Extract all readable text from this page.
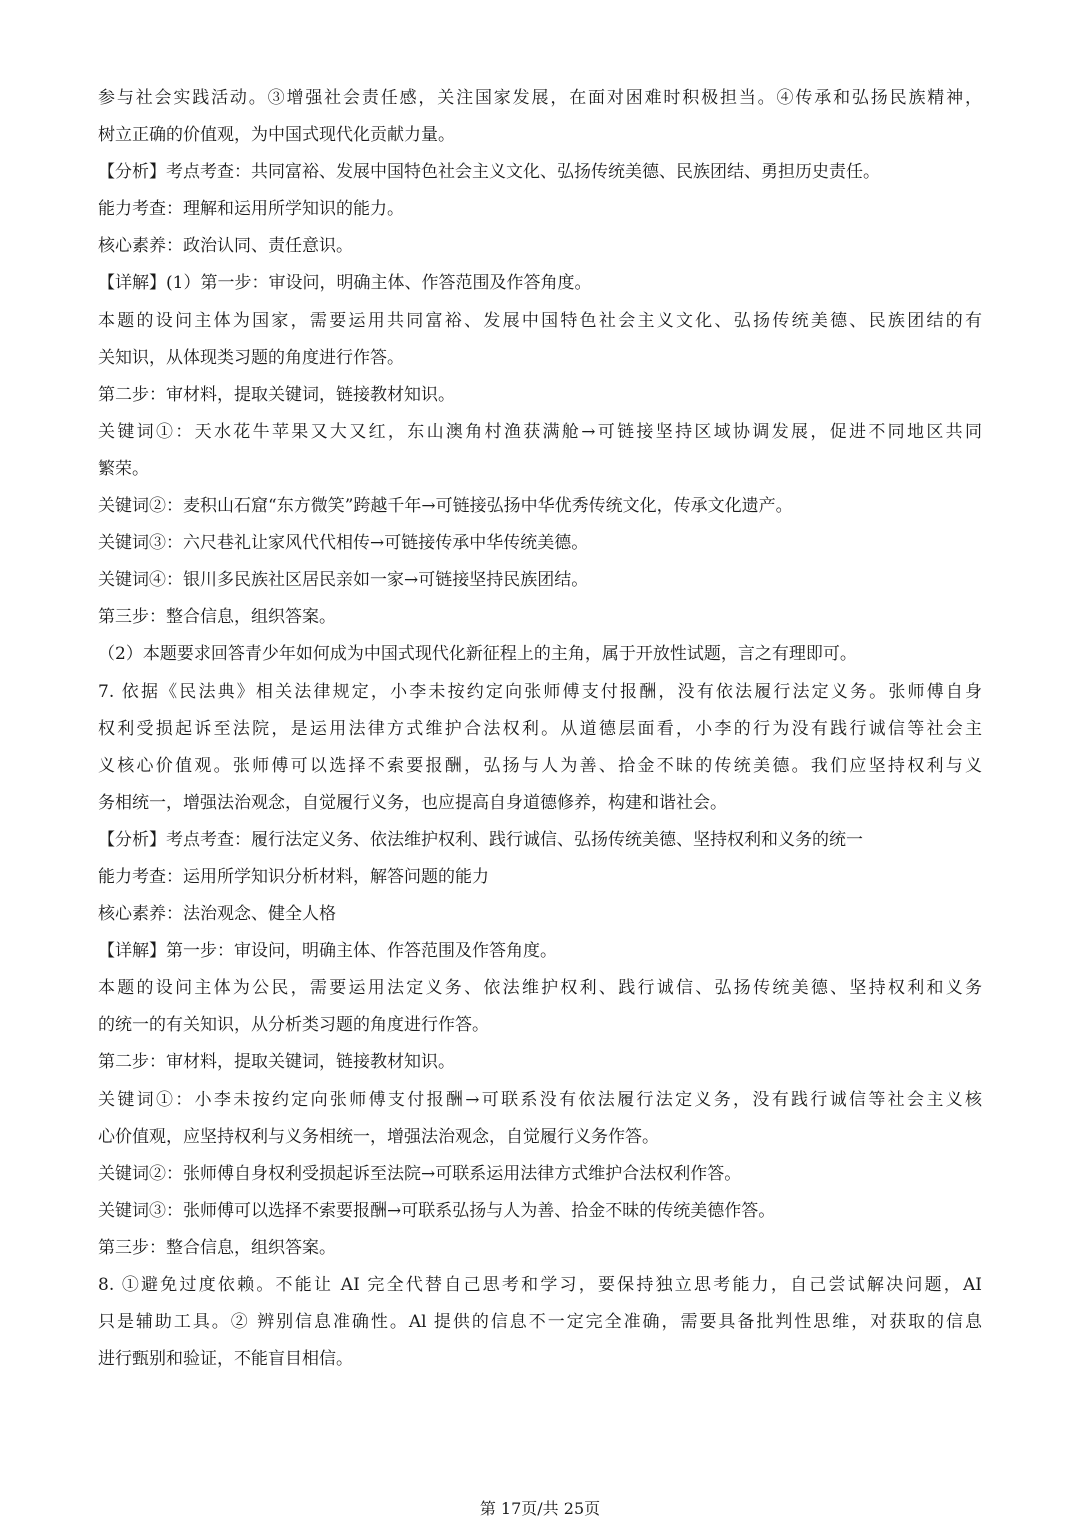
参与社会实践活动。③增强社会责任感，关注国家发展，在面对困难时积极担当。④传承和弘扬民族精神，
树立正确的价值观，为中国式现代化贡献力量。
【分析】考点考查：共同富裕、发展中国特色社会主义文化、弘扬传统美德、民族团结、勇担历史责任。
能力考查：理解和运用所学知识的能力。
核心素养：政治认同、责任意识。
【详解】(1）第一步：审设问，明确主体、作答范围及作答角度。
本题的设问主体为国家，需要运用共同富裕、发展中国特色社会主义文化、弘扬传统美德、民族团结的有
关知识，从体现类习题的角度进行作答。
第二步：审材料，提取关键词，链接教材知识。
关键词①：天水花牛苹果又大又红，东山澳角村渔获满舱→可链接坚持区域协调发展，促进不同地区共同
繁荣。
关键词②：麦积山石窟“东方微笑”跨越千年→可链接弘扬中华优秀传统文化，传承文化遗产。
关键词③：六尺巷礼让家风代代相传→可链接传承中华传统美德。
关键词④：银川多民族社区居民亲如一家→可链接坚持民族团结。
第三步：整合信息，组织答案。
（2）本题要求回答青少年如何成为中国式现代化新征程上的主角，属于开放性试题，言之有理即可。
7. 依据《民法典》相关法律规定，小李未按约定向张师傅支付报酬，没有依法履行法定义务。张师傅自身
权利受损起诉至法院，是运用法律方式维护合法权利。从道德层面看，小李的行为没有践行诚信等社会主
义核心价值观。张师傅可以选择不索要报酬，弘扬与人为善、拾金不昧的传统美德。我们应坚持权利与义
务相统一，增强法治观念，自觉履行义务，也应提高自身道德修养，构建和谐社会。
【分析】考点考查：履行法定义务、依法维护权利、践行诚信、弘扬传统美德、坚持权利和义务的统一
能力考查：运用所学知识分析材料，解答问题的能力
核心素养：法治观念、健全人格
【详解】第一步：审设问，明确主体、作答范围及作答角度。
本题的设问主体为公民，需要运用法定义务、依法维护权利、践行诚信、弘扬传统美德、坚持权利和义务
的统一的有关知识，从分析类习题的角度进行作答。
第二步：审材料，提取关键词，链接教材知识。
关键词①：小李未按约定向张师傅支付报酬→可联系没有依法履行法定义务，没有践行诚信等社会主义核
心价值观，应坚持权利与义务相统一，增强法治观念，自觉履行义务作答。
关键词②：张师傅自身权利受损起诉至法院→可联系运用法律方式维护合法权利作答。
关键词③：张师傅可以选择不索要报酬→可联系弘扬与人为善、拾金不昧的传统美德作答。
第三步：整合信息，组织答案。
8. ①避免过度依赖。不能让 AI 完全代替自己思考和学习，要保持独立思考能力，自己尝试解决问题，AI
只是辅助工具。② 辨别信息准确性。Al 提供的信息不一定完全准确，需要具备批判性思维，对获取的信息
进行甄别和验证，不能盲目相信。
第 17页/共 25页
